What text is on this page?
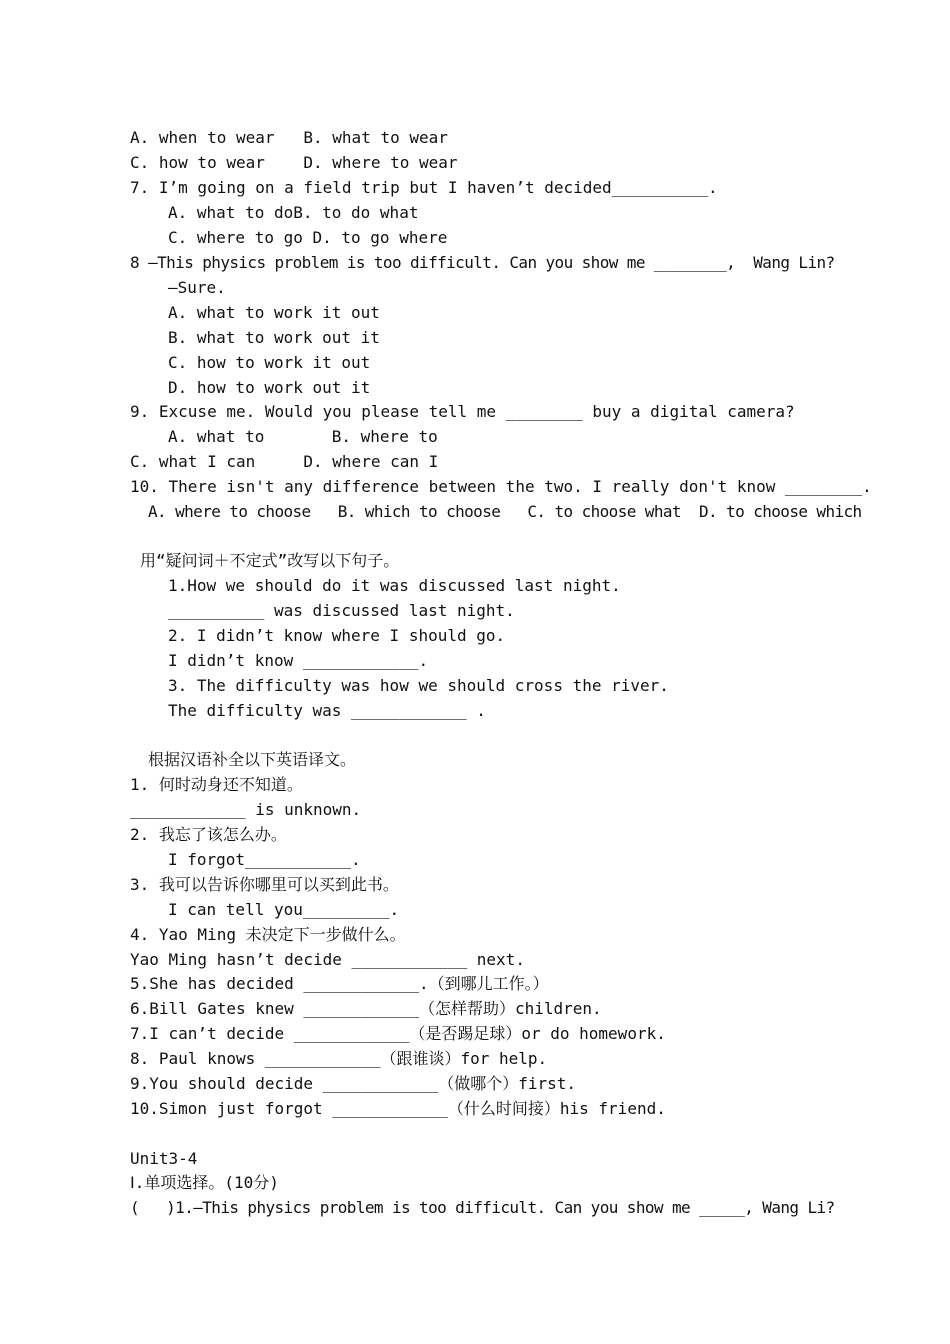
A. when to wear   B. what to wear
C. how to wear    D. where to wear
7. I’m going on a field trip but I haven’t decided__________.
A. what to doB. to do what
C. where to go D. to go where
8 —This physics problem is too difficult. Can you show me ________,  Wang Lin?
—Sure.
A. what to work it out
B. what to work out it
C. how to work it out
D. how to work out it
9. Excuse me. Would you please tell me ________ buy a digital camera?
A. what to       B. where to
C. what I can     D. where can I
10. There isn't any difference between the two. I really don't know ________.
A. where to choose   B. which to choose   C. to choose what  D. to choose which
用“疑问词＋不定式”改写以下句子。
1.How we should do it was discussed last night.
__________ was discussed last night.
2. I didn’t know where I should go.
I didn’t know ____________.
3. The difficulty was how we should cross the river.
The difficulty was ____________ .
根据汉语补全以下英语译文。
1. 何时动身还不知道。
____________ is unknown.
2. 我忘了该怎么办。
I forgot___________.
3. 我可以告诉你哪里可以买到此书。
I can tell you_________.
4. Yao Ming 未决定下一步做什么。
Yao Ming hasn’t decide ____________ next.
5.She has decided ____________.（到哪儿工作。）
6.Bill Gates knew ____________（怎样帮助）children.
7.I can’t decide ____________（是否踢足球）or do homework.
8. Paul knows ____________（跟谁谈）for help.
9.You should decide ____________（做哪个）first.
10.Simon just forgot ____________（什么时间接）his friend.
Unit3-4
Ⅰ.单项选择。(10分)
(   )1.—This physics problem is too difficult. Can you show me _____, Wang Li?
